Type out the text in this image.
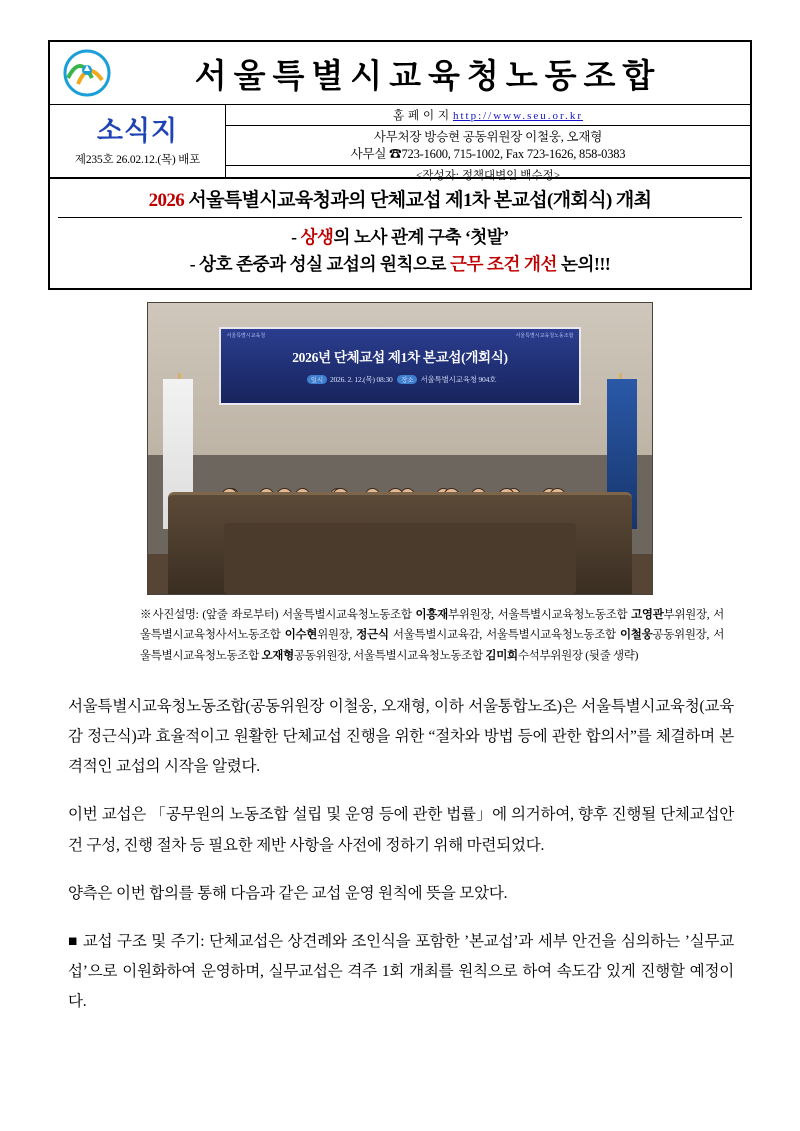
서울특별시교육청노동조합
소식지
제235호 26.02.12.(목) 배포
홈 페 이 지 http://www.seu.or.kr
사무처장 방승현 공동위원장 이철웅, 오재형
사무실 ☎723-1600, 715-1002, Fax 723-1626, 858-0383
<작성자: 정책대변인 백수정>
2026 서울특별시교육청과의 단체교섭 제1차 본교섭(개회식) 개최
- 상생의 노사 관계 구축 ‘첫발’
- 상호 존중과 성실 교섭의 원칙으로 근무 조건 개선 논의!!!
서울특별시교육청	서울특별시교육청노동조합
2026년 단체교섭 제1차 본교섭(개회식)
일시 2026. 2. 12.(목) 08:30 장소 서울특별시교육청 904호
※사진설명: (앞줄 좌로부터) 서울특별시교육청노동조합 이흥재부위원장, 서울특별시교육청노동조합 고영관부위원장, 서울특별시교육청사서노동조합 이수현위원장, 정근식 서울특별시교육감, 서울특별시교육청노동조합 이철웅공동위원장, 서울특별시교육청노동조합 오재형공동위원장, 서울특별시교육청노동조합 김미희수석부위원장 (뒷줄 생략)

서울특별시교육청노동조합(공동위원장 이철웅, 오재형, 이하 서울통합노조)은 서울특별시교육청(교육감 정근식)과 효율적이고 원활한 단체교섭 진행을 위한 “절차와 방법 등에 관한 합의서”를 체결하며 본격적인 교섭의 시작을 알렸다.

이번 교섭은 「공무원의 노동조합 설립 및 운영 등에 관한 법률」에 의거하여, 향후 진행될 단체교섭안건 구성, 진행 절차 등 필요한 제반 사항을 사전에 정하기 위해 마련되었다.

양측은 이번 합의를 통해 다음과 같은 교섭 운영 원칙에 뜻을 모았다.

■ 교섭 구조 및 주기: 단체교섭은 상견례와 조인식을 포함한 ’본교섭’과 세부 안건을 심의하는 ’실무교섭’으로 이원화하여 운영하며, 실무교섭은 격주 1회 개최를 원칙으로 하여 속도감 있게 진행할 예정이다.
